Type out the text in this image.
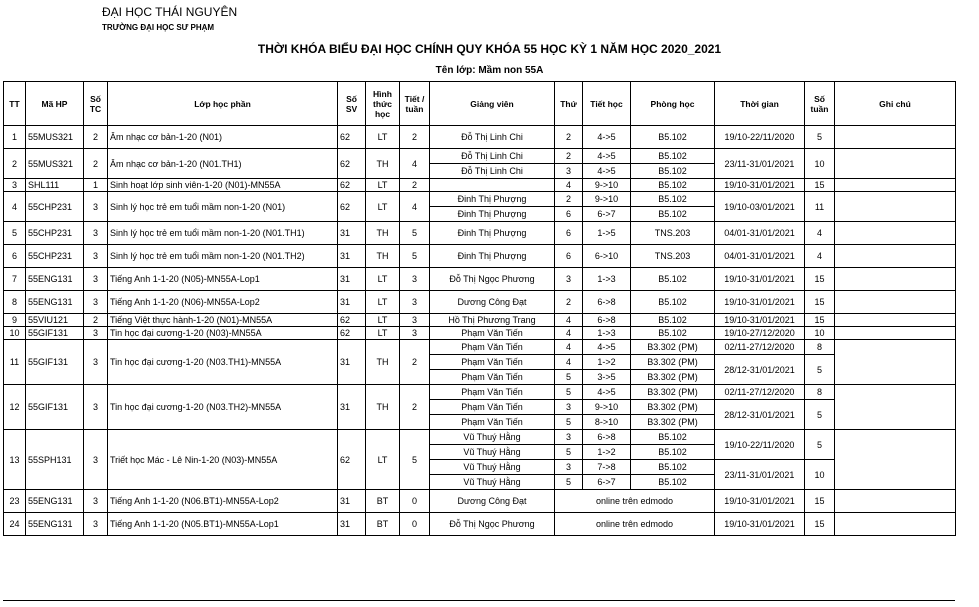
ĐẠI HỌC THÁI NGUYÊN
TRƯỜNG ĐẠI HỌC SƯ PHẠM
THỜI KHÓA BIỂU ĐẠI HỌC CHÍNH QUY KHÓA 55 HỌC KỲ 1 NĂM HỌC 2020_2021
Tên lớp: Mầm non 55A
TT	Mã HP	Số TC	Lớp học phần	Số SV	Hình thức học	Tiết / tuần	Giảng viên	Thứ	Tiết học	Phòng học	Thời gian	Số tuần	Ghi chú
1	55MUS321	2	Âm nhạc cơ bản-1-20 (N01)	62	LT	2	Đỗ Thị Linh Chi	2	4->5	B5.102	19/10-22/11/2020	5	
2	55MUS321	2	Âm nhạc cơ bản-1-20 (N01.TH1)	62	TH	4	Đỗ Thị Linh Chi	2	4->5	B5.102	23/11-31/01/2021	10	
							Đỗ Thị Linh Chi	3	4->5	B5.102			
3	SHL111	1	Sinh hoạt lớp sinh viên-1-20 (N01)-MN55A	62	LT	2		4	9->10	B5.102	19/10-31/01/2021	15	
4	55CHP231	3	Sinh lý học trẻ em tuổi mầm non-1-20 (N01)	62	LT	4	Đinh Thị Phượng	2	9->10	B5.102	19/10-03/01/2021	11	
							Đinh Thị Phượng	6	6->7	B5.102			
5	55CHP231	3	Sinh lý học trẻ em tuổi mầm non-1-20 (N01.TH1)	31	TH	5	Đinh Thị Phượng	6	1->5	TNS.203	04/01-31/01/2021	4	
6	55CHP231	3	Sinh lý học trẻ em tuổi mầm non-1-20 (N01.TH2)	31	TH	5	Đinh Thị Phượng	6	6->10	TNS.203	04/01-31/01/2021	4	
7	55ENG131	3	Tiếng Anh 1-1-20 (N05)-MN55A-Lop1	31	LT	3	Đỗ Thị Ngọc Phương	3	1->3	B5.102	19/10-31/01/2021	15	
8	55ENG131	3	Tiếng Anh 1-1-20 (N06)-MN55A-Lop2	31	LT	3	Dương Công Đạt	2	6->8	B5.102	19/10-31/01/2021	15	
9	55VIU121	2	Tiếng Việt thực hành-1-20 (N01)-MN55A	62	LT	3	Hồ Thị Phương Trang	4	6->8	B5.102	19/10-31/01/2021	15	
10	55GIF131	3	Tin học đại cương-1-20 (N03)-MN55A	62	LT	3	Phạm Văn Tiến	4	1->3	B5.102	19/10-27/12/2020	10	
11	55GIF131	3	Tin học đại cương-1-20 (N03.TH1)-MN55A	31	TH	2	Phạm Văn Tiến	4	4->5	B3.302 (PM)	02/11-27/12/2020	8	
							Phạm Văn Tiến	4	1->2	B3.302 (PM)	28/12-31/01/2021	5	
							Phạm Văn Tiến	5	3->5	B3.302 (PM)			
12	55GIF131	3	Tin học đại cương-1-20 (N03.TH2)-MN55A	31	TH	2	Phạm Văn Tiến	5	4->5	B3.302 (PM)	02/11-27/12/2020	8	
							Phạm Văn Tiến	3	9->10	B3.302 (PM)	28/12-31/01/2021	5	
							Phạm Văn Tiến	5	8->10	B3.302 (PM)			
13	55SPH131	3	Triết học Mác - Lê Nin-1-20 (N03)-MN55A	62	LT	5	Vũ Thuý Hằng	3	6->8	B5.102	19/10-22/11/2020	5	
							Vũ Thuý Hằng	5	1->2	B5.102			
							Vũ Thuý Hằng	3	7->8	B5.102	23/11-31/01/2021	10	
							Vũ Thuý Hằng	5	6->7	B5.102			
23	55ENG131	3	Tiếng Anh 1-1-20 (N06.BT1)-MN55A-Lop2	31	BT	0	Dương Công Đạt	online trên edmodo			19/10-31/01/2021	15	
24	55ENG131	3	Tiếng Anh 1-1-20 (N05.BT1)-MN55A-Lop1	31	BT	0	Đỗ Thị Ngọc Phương	online trên edmodo			19/10-31/01/2021	15	
